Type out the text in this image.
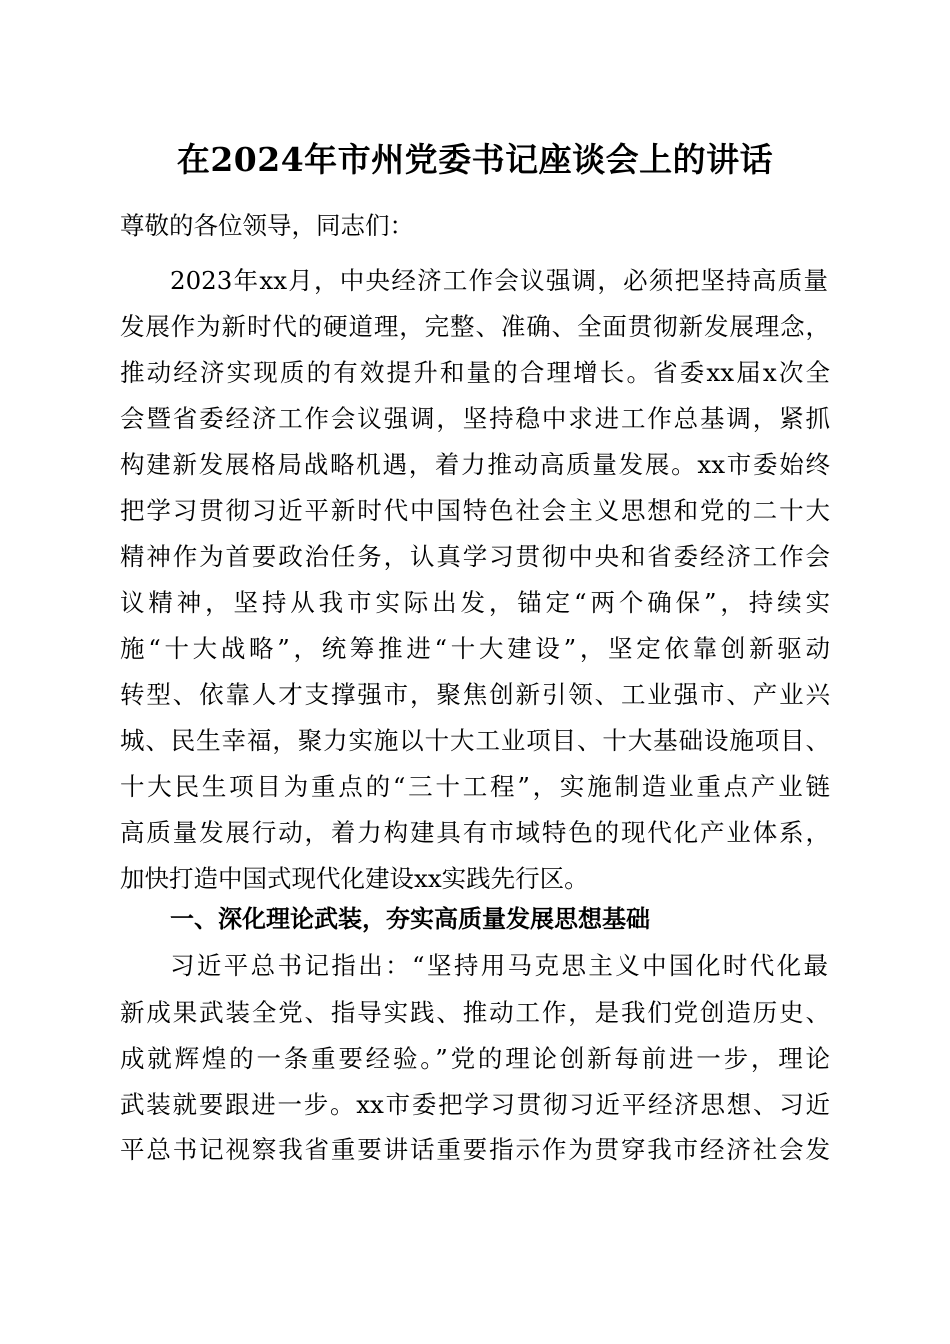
在2024年市州党委书记座谈会上的讲话
尊敬的各位领导，同志们：
2023年xx月，中央经济工作会议强调，必须把坚持高质量
发展作为新时代的硬道理，完整、准确、全面贯彻新发展理念，
推动经济实现质的有效提升和量的合理增长。省委xx届x次全
会暨省委经济工作会议强调，坚持稳中求进工作总基调，紧抓
构建新发展格局战略机遇，着力推动高质量发展。xx市委始终
把学习贯彻习近平新时代中国特色社会主义思想和党的二十大
精神作为首要政治任务，认真学习贯彻中央和省委经济工作会
议精神，坚持从我市实际出发，锚定“两个确保”，持续实
施“十大战略”，统筹推进“十大建设”，坚定依靠创新驱动
转型、依靠人才支撑强市，聚焦创新引领、工业强市、产业兴
城、民生幸福，聚力实施以十大工业项目、十大基础设施项目、
十大民生项目为重点的“三十工程”，实施制造业重点产业链
高质量发展行动，着力构建具有市域特色的现代化产业体系，
加快打造中国式现代化建设xx实践先行区。
一、深化理论武装，夯实高质量发展思想基础
习近平总书记指出：“坚持用马克思主义中国化时代化最
新成果武装全党、指导实践、推动工作，是我们党创造历史、
成就辉煌的一条重要经验。”党的理论创新每前进一步，理论
武装就要跟进一步。xx市委把学习贯彻习近平经济思想、习近
平总书记视察我省重要讲话重要指示作为贯穿我市经济社会发
